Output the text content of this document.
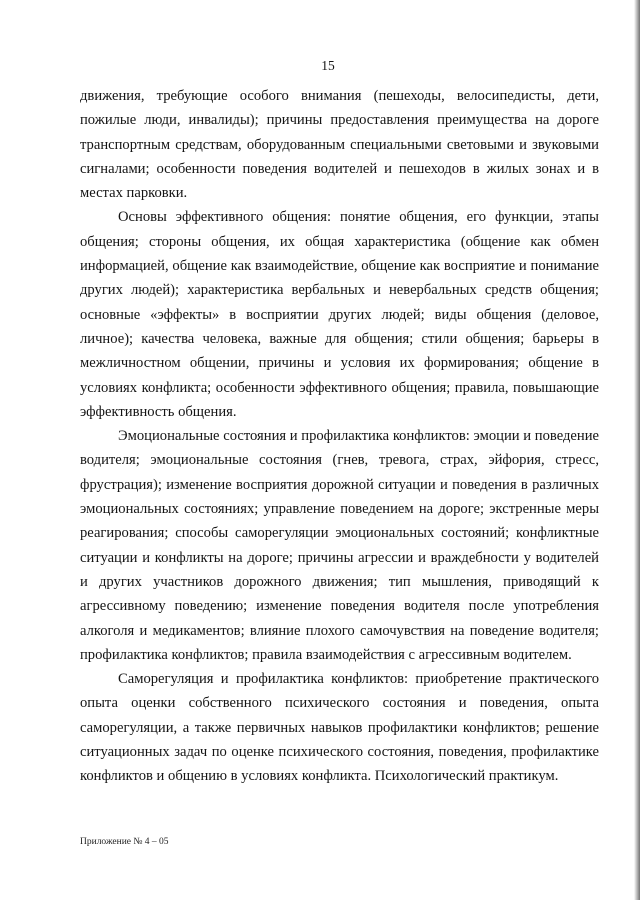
15

движения, требующие особого внимания (пешеходы, велосипедисты, дети, пожилые люди, инвалиды); причины предоставления преимущества на дороге транспортным средствам, оборудованным специальными световыми и звуковыми сигналами; особенности поведения водителей и пешеходов в жилых зонах и в местах парковки.

Основы эффективного общения: понятие общения, его функции, этапы общения; стороны общения, их общая характеристика (общение как обмен информацией, общение как взаимодействие, общение как восприятие и понимание других людей); характеристика вербальных и невербальных средств общения; основные «эффекты» в восприятии других людей; виды общения (деловое, личное); качества человека, важные для общения; стили общения; барьеры в межличностном общении, причины и условия их формирования; общение в условиях конфликта; особенности эффективного общения; правила, повышающие эффективность общения.

Эмоциональные состояния и профилактика конфликтов: эмоции и поведение водителя; эмоциональные состояния (гнев, тревога, страх, эйфория, стресс, фрустрация); изменение восприятия дорожной ситуации и поведения в различных эмоциональных состояниях; управление поведением на дороге; экстренные меры реагирования; способы саморегуляции эмоциональных состояний; конфликтные ситуации и конфликты на дороге; причины агрессии и враждебности у водителей и других участников дорожного движения; тип мышления, приводящий к агрессивному поведению; изменение поведения водителя после употребления алкоголя и медикаментов; влияние плохого самочувствия на поведение водителя; профилактика конфликтов; правила взаимодействия с агрессивным водителем.

Саморегуляция и профилактика конфликтов: приобретение практического опыта оценки собственного психического состояния и поведения, опыта саморегуляции, а также первичных навыков профилактики конфликтов; решение ситуационных задач по оценке психического состояния, поведения, профилактике конфликтов и общению в условиях конфликта. Психологический практикум.

Приложение № 4 – 05
